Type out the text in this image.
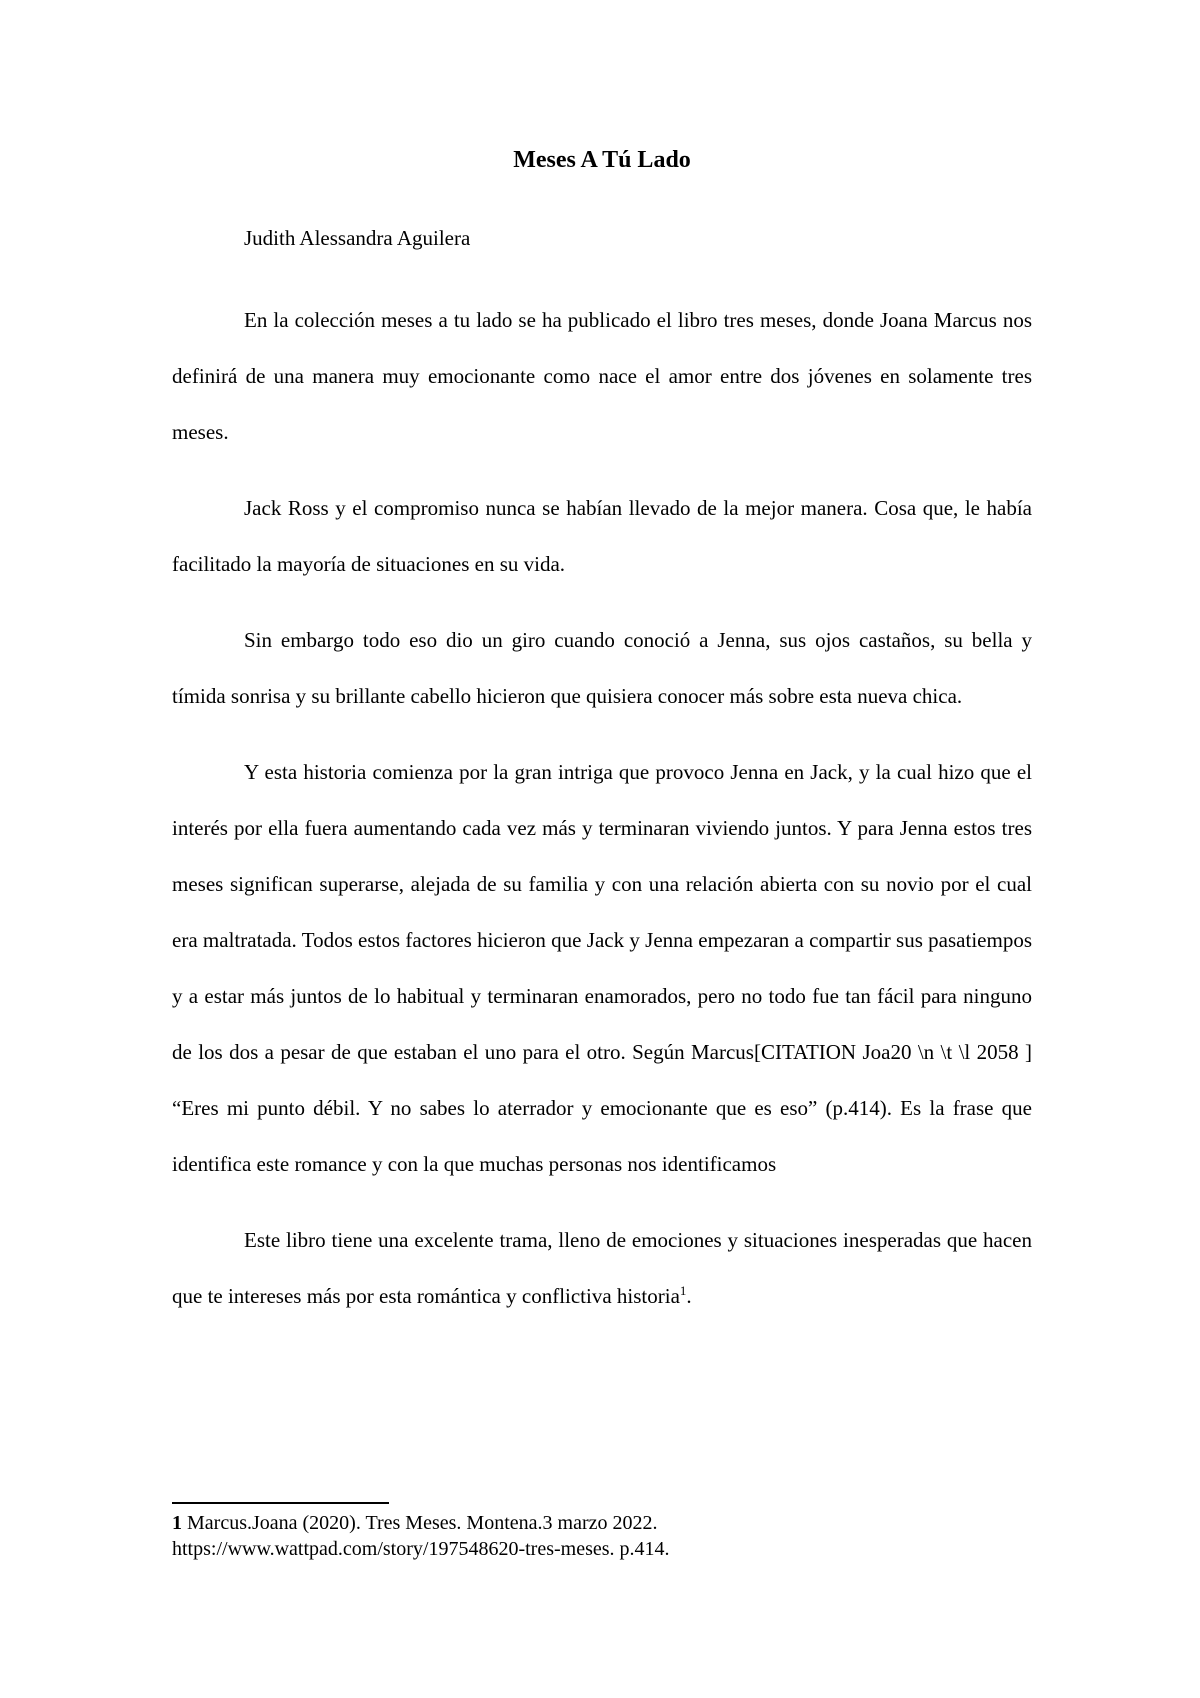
Meses A Tú Lado
Judith Alessandra Aguilera

En la colección meses a tu lado se ha publicado el libro tres meses, donde Joana Marcus nos definirá de una manera muy emocionante como nace el amor entre dos jóvenes en solamente tres meses.

Jack Ross y el compromiso nunca se habían llevado de la mejor manera. Cosa que, le había facilitado la mayoría de situaciones en su vida.

Sin embargo todo eso dio un giro cuando conoció a Jenna, sus ojos castaños, su bella y tímida sonrisa y su brillante cabello hicieron que quisiera conocer más sobre esta nueva chica.

Y esta historia comienza por la gran intriga que provoco Jenna en Jack, y la cual hizo que el interés por ella fuera aumentando cada vez más y terminaran viviendo juntos. Y para Jenna estos tres meses significan superarse, alejada de su familia y con una relación abierta con su novio por el cual era maltratada. Todos estos factores hicieron que Jack y Jenna empezaran a compartir sus pasatiempos y a estar más juntos de lo habitual y terminaran enamorados, pero no todo fue tan fácil para ninguno de los dos a pesar de que estaban el uno para el otro. Según Marcus[CITATION Joa20 \n \t \l 2058 ] “Eres mi punto débil. Y no sabes lo aterrador y emocionante que es eso” (p.414). Es la frase que identifica este romance y con la que muchas personas nos identificamos

Este libro tiene una excelente trama, lleno de emociones y situaciones inesperadas que hacen que te intereses más por esta romántica y conflictiva historia$^1$.

1 Marcus.Joana (2020). Tres Meses. Montena.3 marzo 2022.
https://www.wattpad.com/story/197548620-tres-meses. p.414.
